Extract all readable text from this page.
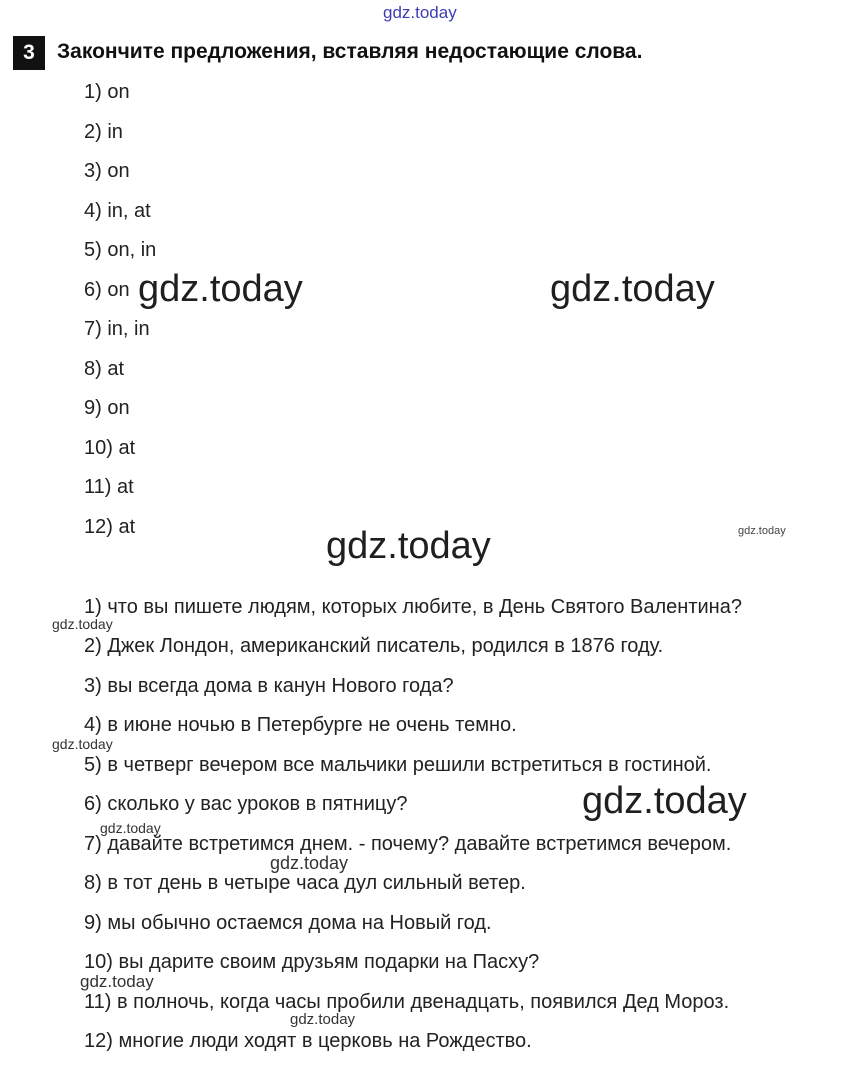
gdz.today
3	Закончите предложения, вставляя недостающие слова.
1) on
2) in
3) on
4) in, at
5) on, in
6) on
7) in, in
8) at
9) on
10) at
11) at
12) at
gdz.today	gdz.today
gdz.today
gdz.today
gdz.today
gdz.today
gdz.today
gdz.today
gdz.today
gdz.today
gdz.today
1) что вы пишете людям, которых любите, в День Святого Валентина?
2) Джек Лондон, американский писатель, родился в 1876 году.
3) вы всегда дома в канун Нового года?
4) в июне ночью в Петербурге не очень темно.
5) в четверг вечером все мальчики решили встретиться в гостиной.
6) сколько у вас уроков в пятницу?
7) давайте встретимся днем. - почему? давайте встретимся вечером.
8) в тот день в четыре часа дул сильный ветер.
9) мы обычно остаемся дома на Новый год.
10) вы дарите своим друзьям подарки на Пасху?
11) в полночь, когда часы пробили двенадцать, появился Дед Мороз.
12) многие люди ходят в церковь на Рождество.
